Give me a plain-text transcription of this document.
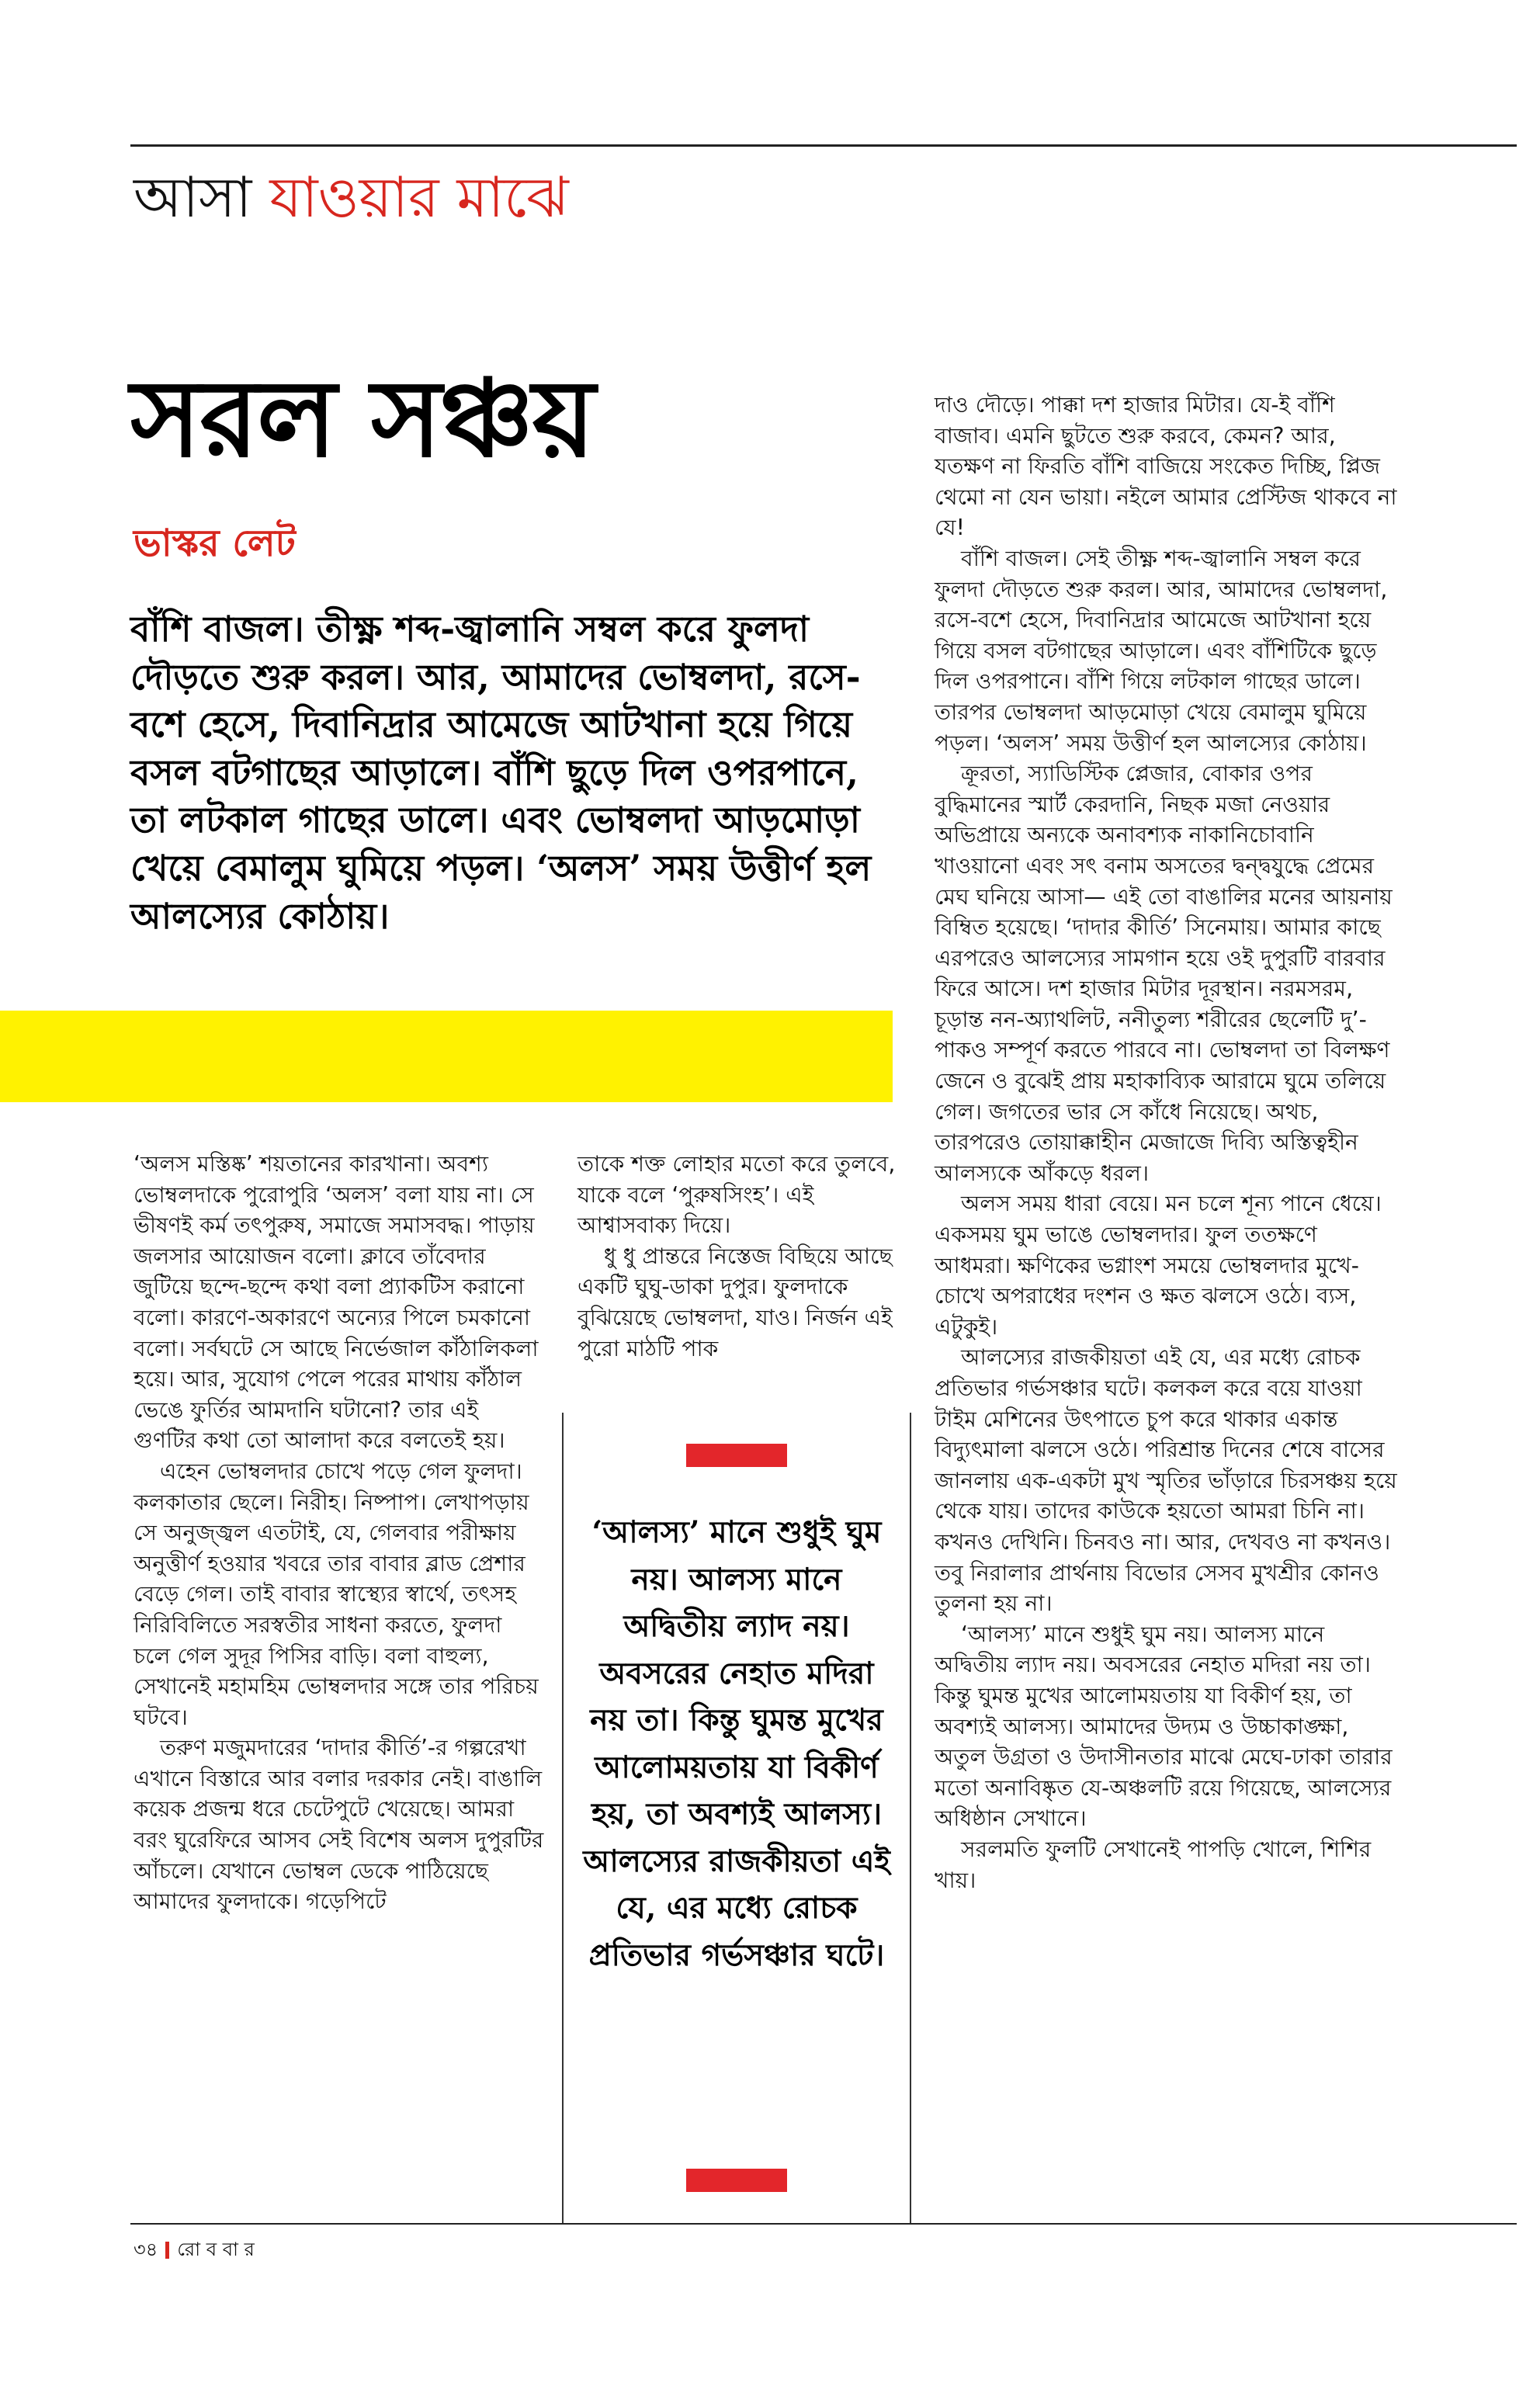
আসা যাওয়ার মাঝে
সরল সঞ্চয়
ভাস্কর লেট

বাঁশি বাজল। তীক্ষ্ণ শব্দ-জ্বালানি সম্বল করে ফুলদা দৌড়তে শুরু করল। আর, আমাদের ভোম্বলদা, রসে-বশে হেসে, দিবানিদ্রার আমেজে আটখানা হয়ে গিয়ে বসল বটগাছের আড়ালে। বাঁশি ছুড়ে দিল ওপরপানে, তা লটকাল গাছের ডালে। এবং ভোম্বলদা আড়মোড়া খেয়ে বেমালুম ঘুমিয়ে পড়ল। ‘অলস’ সময় উত্তীর্ণ হল আলস্যের কোঠায়।

‘অলস মস্তিষ্ক’ শয়তানের কারখানা। অবশ্য ভোম্বলদাকে পুরোপুরি ‘অলস’ বলা যায় না। সে ভীষণই কর্ম তৎপুরুষ, সমাজে সমাসবদ্ধ। পাড়ায় জলসার আয়োজন বলো। ক্লাবে তাঁবেদার জুটিয়ে ছন্দে-ছন্দে কথা বলা প্র্যাকটিস করানো বলো। কারণে-অকারণে অন্যের পিলে চমকানো বলো। সর্বঘটে সে আছে নির্ভেজাল কাঁঠালিকলা হয়ে। আর, সুযোগ পেলে পরের মাথায় কাঁঠাল ভেঙে ফুর্তির আমদানি ঘটানো? তার এই গুণটির কথা তো আলাদা করে বলতেই হয়।

এহেন ভোম্বলদার চোখে পড়ে গেল ফুলদা। কলকাতার ছেলে। নিরীহ। নিষ্পাপ। লেখাপড়ায় সে অনুজ্জ্বল এতটাই, যে, গেলবার পরীক্ষায় অনুত্তীর্ণ হওয়ার খবরে তার বাবার ব্লাড প্রেশার বেড়ে গেল। তাই বাবার স্বাস্থ্যের স্বার্থে, তৎসহ নিরিবিলিতে সরস্বতীর সাধনা করতে, ফুলদা চলে গেল সুদূর পিসির বাড়ি। বলা বাহুল্য, সেখানেই মহামহিম ভোম্বলদার সঙ্গে তার পরিচয় ঘটবে।

তরুণ মজুমদারের ‘দাদার কীর্তি’-র গল্পরেখা এখানে বিস্তারে আর বলার দরকার নেই। বাঙালি কয়েক প্রজন্ম ধরে চেটেপুটে খেয়েছে। আমরা বরং ঘুরেফিরে আসব সেই বিশেষ অলস দুপুরটির আঁচলে। যেখানে ভোম্বল ডেকে পাঠিয়েছে আমাদের ফুলদাকে। গড়েপিটে

তাকে শক্ত লোহার মতো করে তুলবে, যাকে বলে ‘পুরুষসিংহ’। এই আশ্বাসবাক্য দিয়ে।

ধু ধু প্রান্তরে নিস্তেজ বিছিয়ে আছে একটি ঘুঘু-ডাকা দুপুর। ফুলদাকে বুঝিয়েছে ভোম্বলদা, যাও। নির্জন এই পুরো মাঠটি পাক

‘আলস্য’ মানে শুধুই ঘুম নয়। আলস্য মানে অদ্বিতীয় ল্যাদ নয়। অবসরের নেহাত মদিরা নয় তা। কিন্তু ঘুমন্ত মুখের আলোময়তায় যা বিকীর্ণ হয়, তা অবশ্যই আলস্য। আলস্যের রাজকীয়তা এই যে, এর মধ্যে রোচক প্রতিভার গর্ভসঞ্চার ঘটে।

দাও দৌড়ে। পাক্কা দশ হাজার মিটার। যে-ই বাঁশি বাজাব। এমনি ছুটতে শুরু করবে, কেমন? আর, যতক্ষণ না ফিরতি বাঁশি বাজিয়ে সংকেত দিচ্ছি, প্লিজ থেমো না যেন ভায়া। নইলে আমার প্রেস্টিজ থাকবে না যে!

বাঁশি বাজল। সেই তীক্ষ্ণ শব্দ-জ্বালানি সম্বল করে ফুলদা দৌড়তে শুরু করল। আর, আমাদের ভোম্বলদা, রসে-বশে হেসে, দিবানিদ্রার আমেজে আটখানা হয়ে গিয়ে বসল বটগাছের আড়ালে। এবং বাঁশিটিকে ছুড়ে দিল ওপরপানে। বাঁশি গিয়ে লটকাল গাছের ডালে। তারপর ভোম্বলদা আড়মোড়া খেয়ে বেমালুম ঘুমিয়ে পড়ল। ‘অলস’ সময় উত্তীর্ণ হল আলস্যের কোঠায়।

ক্রূরতা, স্যাডিস্টিক প্লেজার, বোকার ওপর বুদ্ধিমানের স্মার্ট কেরদানি, নিছক মজা নেওয়ার অভিপ্রায়ে অন্যকে অনাবশ্যক নাকানিচোবানি খাওয়ানো এবং সৎ বনাম অসতের দ্বন্দ্বযুদ্ধে প্রেমের মেঘ ঘনিয়ে আসা— এই তো বাঙালির মনের আয়নায় বিম্বিত হয়েছে। ‘দাদার কীর্তি’ সিনেমায়। আমার কাছে এরপরেও আলস্যের সামগান হয়ে ওই দুপুরটি বারবার ফিরে আসে। দশ হাজার মিটার দূরস্থান। নরমসরম, চূড়ান্ত নন-অ্যাথলিট, ননীতুল্য শরীরের ছেলেটি দু’-পাকও সম্পূর্ণ করতে পারবে না। ভোম্বলদা তা বিলক্ষণ জেনে ও বুঝেই প্রায় মহাকাব্যিক আরামে ঘুমে তলিয়ে গেল। জগতের ভার সে কাঁধে নিয়েছে। অথচ, তারপরেও তোয়াক্কাহীন মেজাজে দিব্যি অস্তিত্বহীন আলস্যকে আঁকড়ে ধরল।

অলস সময় ধারা বেয়ে। মন চলে শূন্য পানে ধেয়ে। একসময় ঘুম ভাঙে ভোম্বলদার। ফুল ততক্ষণে আধমরা। ক্ষণিকের ভগ্নাংশ সময়ে ভোম্বলদার মুখে-চোখে অপরাধের দংশন ও ক্ষত ঝলসে ওঠে। ব্যস, এটুকুই।

আলস্যের রাজকীয়তা এই যে, এর মধ্যে রোচক প্রতিভার গর্ভসঞ্চার ঘটে। কলকল করে বয়ে যাওয়া টাইম মেশিনের উৎপাতে চুপ করে থাকার একান্ত বিদ্যুৎমালা ঝলসে ওঠে। পরিশ্রান্ত দিনের শেষে বাসের জানলায় এক-একটা মুখ স্মৃতির ভাঁড়ারে চিরসঞ্চয় হয়ে থেকে যায়। তাদের কাউকে হয়তো আমরা চিনি না। কখনও দেখিনি। চিনবও না। আর, দেখবও না কখনও। তবু নিরালার প্রার্থনায় বিভোর সেসব মুখশ্রীর কোনও তুলনা হয় না।

‘আলস্য’ মানে শুধুই ঘুম নয়। আলস্য মানে অদ্বিতীয় ল্যাদ নয়। অবসরের নেহাত মদিরা নয় তা। কিন্তু ঘুমন্ত মুখের আলোময়তায় যা বিকীর্ণ হয়, তা অবশ্যই আলস্য। আমাদের উদ্যম ও উচ্চাকাঙ্ক্ষা, অতুল উগ্রতা ও উদাসীনতার মাঝে মেঘে-ঢাকা তারার মতো অনাবিষ্কৃত যে-অঞ্চলটি রয়ে গিয়েছে, আলস্যের অধিষ্ঠান সেখানে।

সরলমতি ফুলটি সেখানেই পাপড়ি খোলে, শিশির খায়।

৩৪ রো ব বা র
